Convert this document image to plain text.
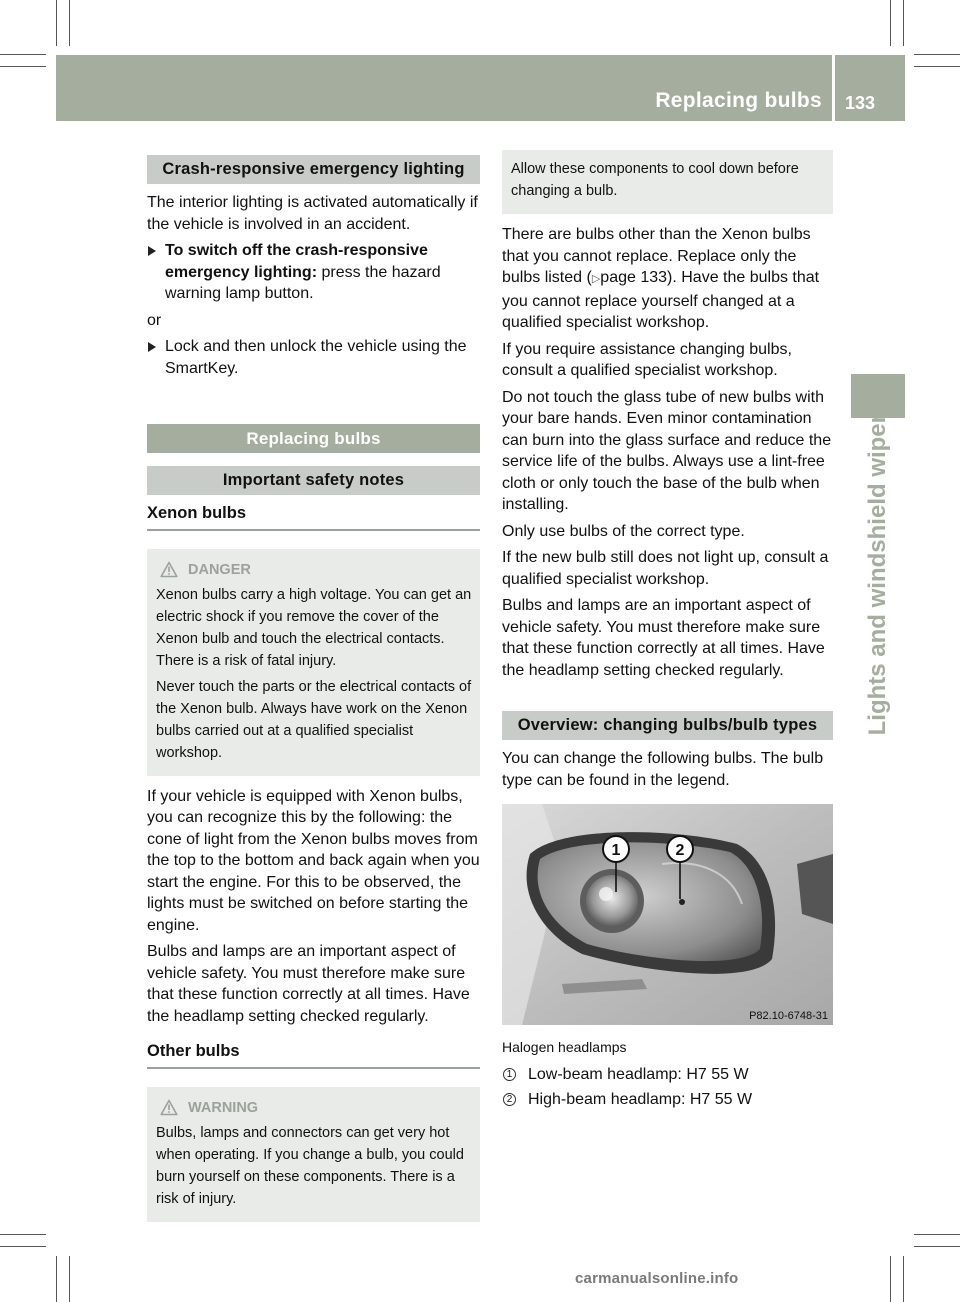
Replacing bulbs 133
Lights and windshield wipers
Crash-responsive emergency lighting

The interior lighting is activated automatically if the vehicle is involved in an accident.

To switch off the crash-responsive emergency lighting: press the hazard warning lamp button.

or

Lock and then unlock the vehicle using the SmartKey.
Replacing bulbs
Important safety notes
Xenon bulbs
DANGER

Xenon bulbs carry a high voltage. You can get an electric shock if you remove the cover of the Xenon bulb and touch the electrical contacts. There is a risk of fatal injury.

Never touch the parts or the electrical contacts of the Xenon bulb. Always have work on the Xenon bulbs carried out at a qualified specialist workshop.

If your vehicle is equipped with Xenon bulbs, you can recognize this by the following: the cone of light from the Xenon bulbs moves from the top to the bottom and back again when you start the engine. For this to be observed, the lights must be switched on before starting the engine.

Bulbs and lamps are an important aspect of vehicle safety. You must therefore make sure that these function correctly at all times. Have the headlamp setting checked regularly.

Other bulbs
WARNING

Bulbs, lamps and connectors can get very hot when operating. If you change a bulb, you could burn yourself on these components. There is a risk of injury.

Allow these components to cool down before changing a bulb.

There are bulbs other than the Xenon bulbs that you cannot replace. Replace only the bulbs listed (▷page 133). Have the bulbs that you cannot replace yourself changed at a qualified specialist workshop.

If you require assistance changing bulbs, consult a qualified specialist workshop.

Do not touch the glass tube of new bulbs with your bare hands. Even minor contamination can burn into the glass surface and reduce the service life of the bulbs. Always use a lint-free cloth or only touch the base of the bulb when installing.

Only use bulbs of the correct type.

If the new bulb still does not light up, consult a qualified specialist workshop.

Bulbs and lamps are an important aspect of vehicle safety. You must therefore make sure that these function correctly at all times. Have the headlamp setting checked regularly.

Overview: changing bulbs/bulb types

You can change the following bulbs. The bulb type can be found in the legend.

1	2
P82.10-6748-31
Halogen headlamps
1 Low-beam headlamp: H7 55 W
2 High-beam headlamp: H7 55 W
carmanualsonline.info
